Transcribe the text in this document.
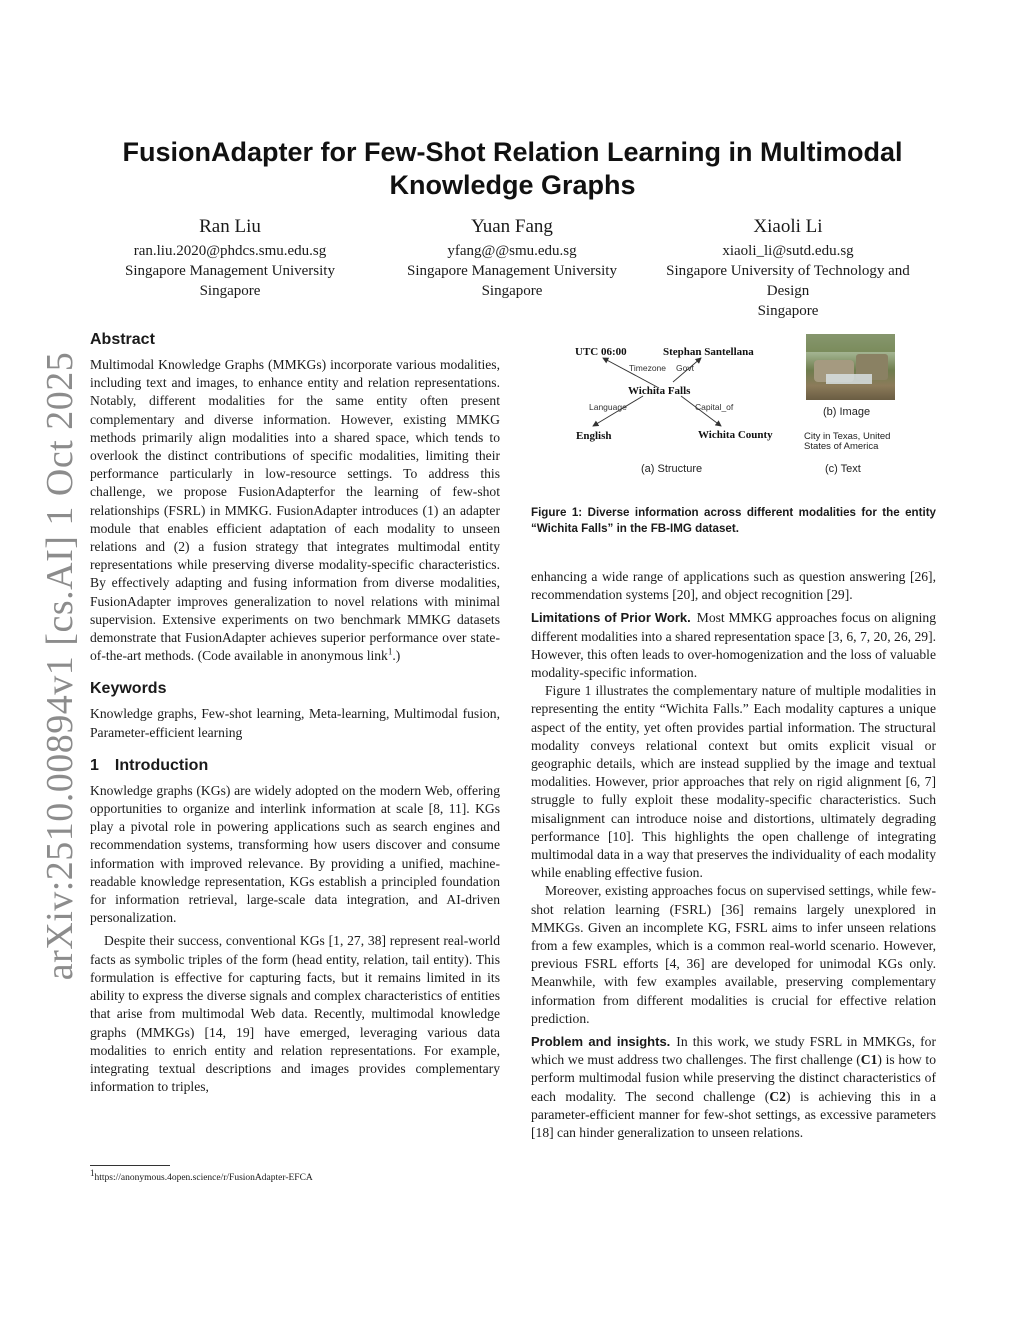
arXiv:2510.00894v1 [cs.AI] 1 Oct 2025
FusionAdapter for Few-Shot Relation Learning in Multimodal Knowledge Graphs
Ran Liu
ran.liu.2020@phdcs.smu.edu.sg
Singapore Management University
Singapore
Yuan Fang
yfang@@smu.edu.sg
Singapore Management University
Singapore
Xiaoli Li
xiaoli_li@sutd.edu.sg
Singapore University of Technology and Design
Singapore
Abstract

Multimodal Knowledge Graphs (MMKGs) incorporate various modalities, including text and images, to enhance entity and relation representations. Notably, different modalities for the same entity often present complementary and diverse information. However, existing MMKG methods primarily align modalities into a shared space, which tends to overlook the distinct contributions of specific modalities, limiting their performance particularly in low-resource settings. To address this challenge, we propose FusionAdapterfor the learning of few-shot relationships (FSRL) in MMKG. FusionAdapter introduces (1) an adapter module that enables efficient adaptation of each modality to unseen relations and (2) a fusion strategy that integrates multimodal entity representations while preserving diverse modality-specific characteristics. By effectively adapting and fusing information from diverse modalities, FusionAdapter improves generalization to novel relations with minimal supervision. Extensive experiments on two benchmark MMKG datasets demonstrate that FusionAdapter achieves superior performance over state-of-the-art methods. (Code available in anonymous link$^1$.)

Keywords

Knowledge graphs, Few-shot learning, Meta-learning, Multimodal fusion, Parameter-efficient learning

1 Introduction

Knowledge graphs (KGs) are widely adopted on the modern Web, offering opportunities to organize and interlink information at scale [8, 11]. KGs play a pivotal role in powering applications such as search engines and recommendation systems, transforming how users discover and consume information with improved relevance. By providing a unified, machine-readable knowledge representation, KGs establish a principled foundation for information retrieval, large-scale data integration, and AI-driven personalization.

Despite their success, conventional KGs [1, 27, 38] represent real-world facts as symbolic triples of the form (head entity, relation, tail entity). This formulation is effective for capturing facts, but it remains limited in its ability to express the diverse signals and complex characteristics of entities that arise from multimodal Web data. Recently, multimodal knowledge graphs (MMKGs) [14, 19] have emerged, leveraging various data modalities to enrich entity and relation representations. For example, integrating textual descriptions and images provides complementary information to triples,

$^1$https://anonymous.4open.science/r/FusionAdapter-EFCA
UTC 06:00	Stephan Santellana
Wichita Falls
English	Wichita County
Timezone Govt
Language	Capital_of
(a) Structure
(b) Image
City in Texas, United States of America
(c) Text
Figure 1: Diverse information across different modalities for the entity “Wichita Falls” in the FB-IMG dataset.

enhancing a wide range of applications such as question answering [26], recommendation systems [20], and object recognition [29].

Limitations of Prior Work. Most MMKG approaches focus on aligning different modalities into a shared representation space [3, 6, 7, 20, 26, 29]. However, this often leads to over-homogenization and the loss of valuable modality-specific information.

Figure 1 illustrates the complementary nature of multiple modalities in representing the entity “Wichita Falls.” Each modality captures a unique aspect of the entity, yet often provides partial information. The structural modality conveys relational context but omits explicit visual or geographic details, which are instead supplied by the image and textual modalities. However, prior approaches that rely on rigid alignment [6, 7] struggle to fully exploit these modality-specific characteristics. Such misalignment can introduce noise and distortions, ultimately degrading performance [10]. This highlights the open challenge of integrating multimodal data in a way that preserves the individuality of each modality while enabling effective fusion.

Moreover, existing approaches focus on supervised settings, while few-shot relation learning (FSRL) [36] remains largely unexplored in MMKGs. Given an incomplete KG, FSRL aims to infer unseen relations from a few examples, which is a common real-world scenario. However, previous FSRL efforts [4, 36] are developed for unimodal KGs only. Meanwhile, with few examples available, preserving complementary information from different modalities is crucial for effective relation prediction.

Problem and insights. In this work, we study FSRL in MMKGs, for which we must address two challenges. The first challenge (C1) is how to perform multimodal fusion while preserving the distinct characteristics of each modality. The second challenge (C2) is achieving this in a parameter-efficient manner for few-shot settings, as excessive parameters [18] can hinder generalization to unseen relations.
